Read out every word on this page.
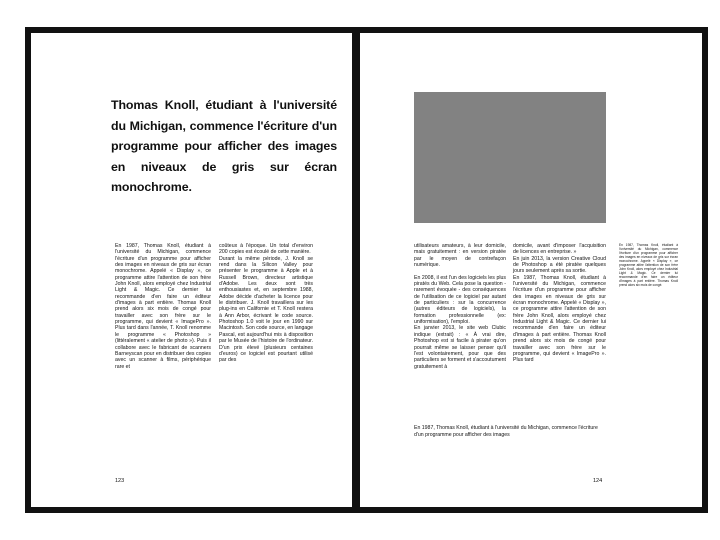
Thomas Knoll, étudiant à l'université du Michigan, commence l'écriture d'un programme pour afficher des images en niveaux de gris sur écran monochrome.
En 1987, Thomas Knoll, étudiant à l'université du Michigan, commence l'écriture d'un programme pour afficher des images en niveaux de gris sur écran monochrome. Appelé « Display », ce programme attire l'attention de son frère John Knoll, alors employé chez Industrial Light & Magic. Ce dernier lui recommande d'en faire un éditeur d'images à part entière. Thomas Knoll prend alors six mois de congé pour travailler avec son frère sur le programme, qui devient « ImagePro ». Plus tard dans l'année, T. Knoll renomme le programme « Photoshop » (littéralement « atelier de photo »). Puis il collabore avec le fabricant de scanners Barneyscan pour en distribuer des copies avec un scanner à films, périphérique rare et
coûteux à l'époque. Un total d'environ 200 copies est écoulé de cette manière.
Durant la même période, J. Knoll se rend dans la Silicon Valley pour présenter le programme à Apple et à Russell Brown, directeur artistique d'Adobe. Les deux sont très enthousiastes et, en septembre 1988, Adobe décide d'acheter la licence pour le distribuer. J. Knoll travaillera sur les plug-ins en Californie et T. Knoll restera à Ann Arbor, écrivant le code source. Photoshop 1.0 voit le jour en 1990 sur Macintosh. Son code source, en langage Pascal, est aujourd'hui mis à disposition par le Musée de l'histoire de l'ordinateur. D'un prix élevé (plusieurs centaines d'euros) ce logiciel est pourtant utilisé par des
123
utilisateurs amateurs, à leur domicile, mais gratuitement : en version piratée par le moyen de contrefaçon numérique.

En 2008, il est l'un des logiciels les plus piratés du Web. Cela pose la question - rarement évoquée - des conséquences de l'utilisation de ce logiciel par autant de particuliers : sur la concurrence (autres éditeurs de logiciels), la formation professionnelle (ex: uniformisation), l'emploi.
En janvier 2013, le site web Clubic indique (extrait) : « À vrai dire, Photoshop est si facile à pirater qu'on pourrait même se laisser penser qu'il l'est volontairement, pour que des particuliers se forment et s'accoutument gratuitement à
domicile, avant d'imposer l'acquisition de licences en entreprise. »
En juin 2013, la version Creative Cloud de Photoshop a été piratée quelques jours seulement après sa sortie.
En 1987, Thomas Knoll, étudiant à l'université du Michigan, commence l'écriture d'un programme pour afficher des images en niveaux de gris sur écran monochrome. Appelé « Display », ce programme attire l'attention de son frère John Knoll, alors employé chez Industrial Light & Magic. Ce dernier lui recommande d'en faire un éditeur d'images à part entière. Thomas Knoll prend alors six mois de congé pour travailler avec son frère sur le programme, qui devient « ImagePro ». Plus tard
En 1987, Thomas Knoll, étudiant à l'université du Michigan, commence l'écriture d'un programme pour afficher des images en niveaux de gris sur écran monochrome. Appelé « Display », ce programme attire l'attention de son frère John Knoll, alors employé chez Industrial Light & Magic. Ce dernier lui recommande d'en faire un éditeur d'images à part entière. Thomas Knoll prend alors six mois de congé.
En 1987, Thomas Knoll, étudiant à l'université du Michigan, commence l'écriture d'un programme pour afficher des images
124
